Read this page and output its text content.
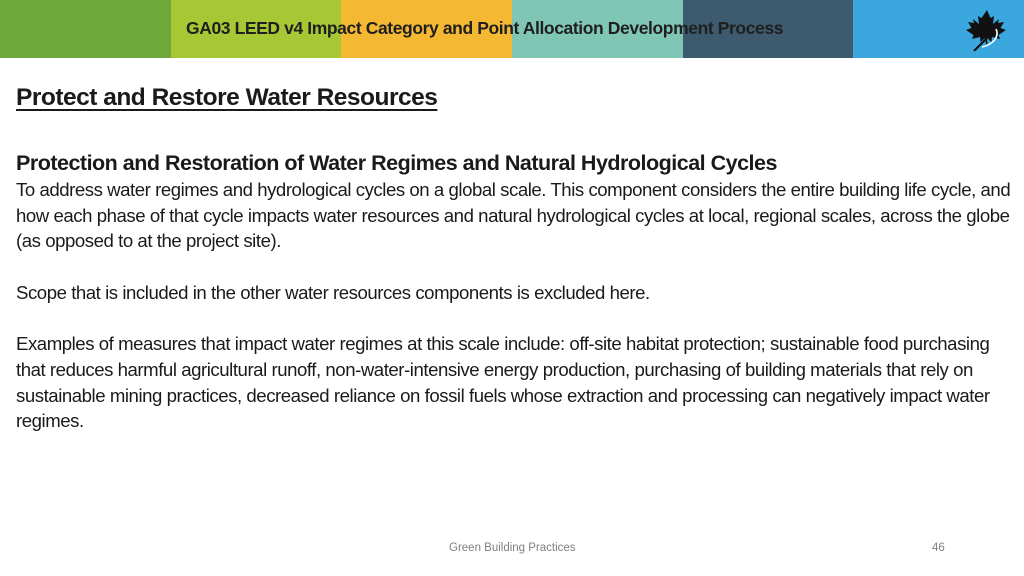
GA03 LEED v4 Impact Category and Point Allocation Development Process
Protect and Restore Water Resources

Protection and Restoration of Water Regimes and Natural Hydrological Cycles

To address water regimes and hydrological cycles on a global scale. This component considers the entire building life cycle, and how each phase of that cycle impacts water resources and natural hydrological cycles at local, regional scales, across the globe (as opposed to at the project site).

Scope that is included in the other water resources components is excluded here.

Examples of measures that impact water regimes at this scale include: off-site habitat protection; sustainable food purchasing that reduces harmful agricultural runoff, non-water-intensive energy production, purchasing of building materials that rely on sustainable mining practices, decreased reliance on fossil fuels whose extraction and processing can negatively impact water regimes.

Green Building Practices	46
